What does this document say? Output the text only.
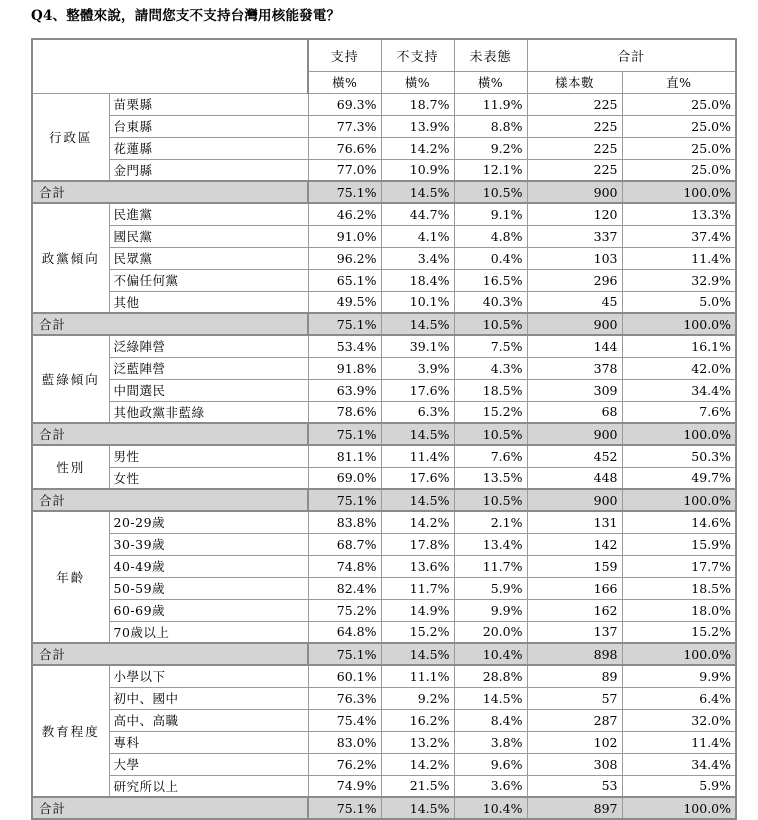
Q4、整體來說，請問您支不支持台灣用核能發電？
		支持	不支持	未表態	合計	
		橫%	橫%	橫%	樣本數	直%
行政區	苗栗縣	69.3%	18.7%	11.9%	225	25.0%
	台東縣	77.3%	13.9%	8.8%	225	25.0%
	花蓮縣	76.6%	14.2%	9.2%	225	25.0%
	金門縣	77.0%	10.9%	12.1%	225	25.0%
合計		75.1%	14.5%	10.5%	900	100.0%
政黨傾向	民進黨	46.2%	44.7%	9.1%	120	13.3%
	國民黨	91.0%	4.1%	4.8%	337	37.4%
	民眾黨	96.2%	3.4%	0.4%	103	11.4%
	不偏任何黨	65.1%	18.4%	16.5%	296	32.9%
	其他	49.5%	10.1%	40.3%	45	5.0%
合計		75.1%	14.5%	10.5%	900	100.0%
藍綠傾向	泛綠陣營	53.4%	39.1%	7.5%	144	16.1%
	泛藍陣營	91.8%	3.9%	4.3%	378	42.0%
	中間選民	63.9%	17.6%	18.5%	309	34.4%
	其他政黨非藍綠	78.6%	6.3%	15.2%	68	7.6%
合計		75.1%	14.5%	10.5%	900	100.0%
性別	男性	81.1%	11.4%	7.6%	452	50.3%
	女性	69.0%	17.6%	13.5%	448	49.7%
合計		75.1%	14.5%	10.5%	900	100.0%
年齡	20-29歲	83.8%	14.2%	2.1%	131	14.6%
	30-39歲	68.7%	17.8%	13.4%	142	15.9%
	40-49歲	74.8%	13.6%	11.7%	159	17.7%
	50-59歲	82.4%	11.7%	5.9%	166	18.5%
	60-69歲	75.2%	14.9%	9.9%	162	18.0%
	70歲以上	64.8%	15.2%	20.0%	137	15.2%
合計		75.1%	14.5%	10.4%	898	100.0%
教育程度	小學以下	60.1%	11.1%	28.8%	89	9.9%
	初中、國中	76.3%	9.2%	14.5%	57	6.4%
	高中、高職	75.4%	16.2%	8.4%	287	32.0%
	專科	83.0%	13.2%	3.8%	102	11.4%
	大學	76.2%	14.2%	9.6%	308	34.4%
	研究所以上	74.9%	21.5%	3.6%	53	5.9%
合計		75.1%	14.5%	10.4%	897	100.0%
